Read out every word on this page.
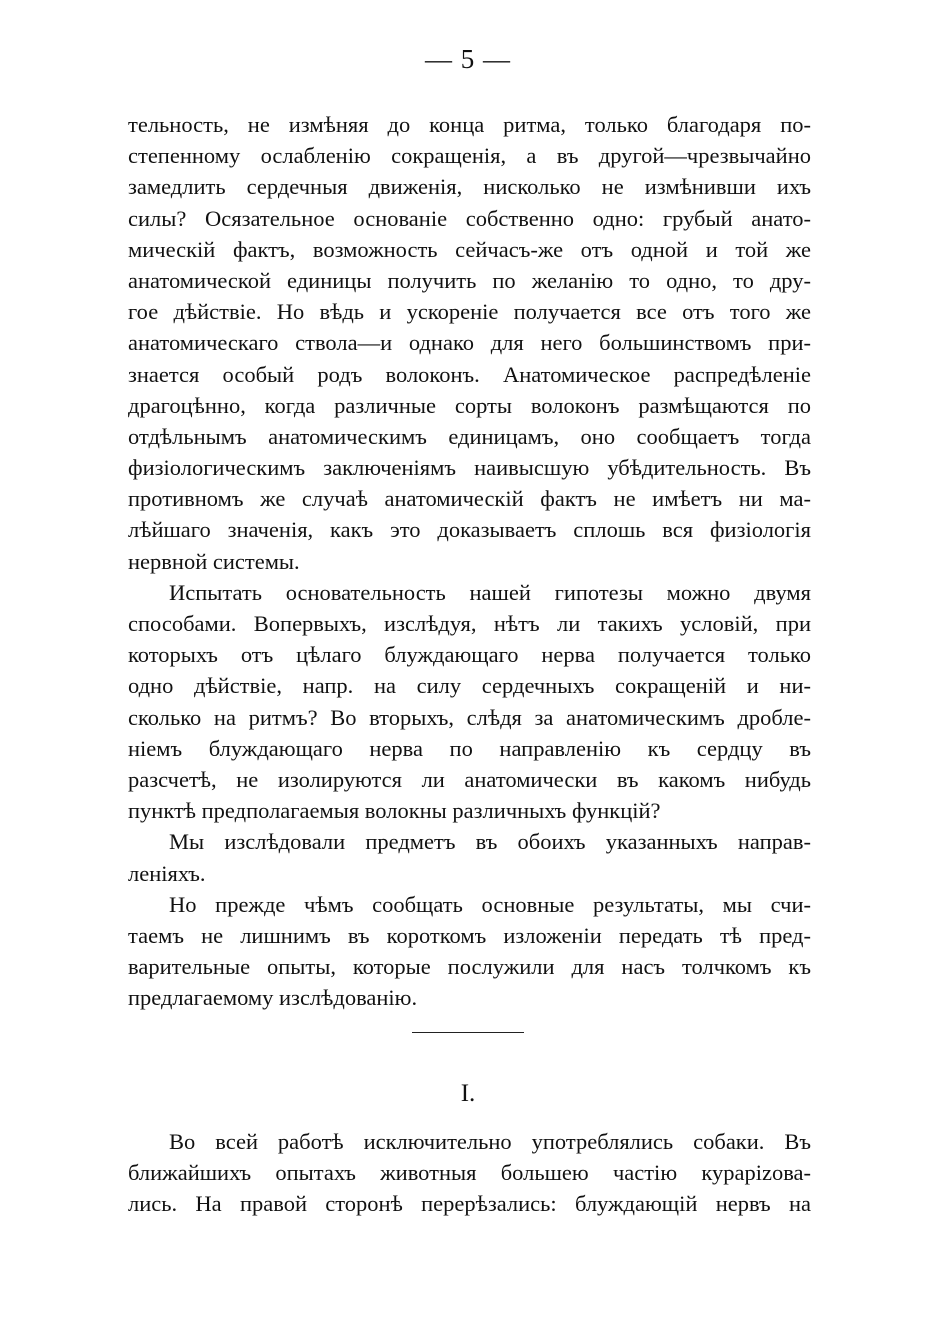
— 5 —
тельность, не измѣняя до конца ритма, только благодаря по-
степенному ослабленію сокращенія, а въ другой—чрезвычайно
замедлить сердечныя движенія, нисколько не измѣнивши ихъ
силы? Осязательное основаніе собственно одно: грубый анато-
мическій фактъ, возможность сейчасъ-же отъ одной и той же
анатомической единицы получить по желанію то одно, то дру-
гое дѣйствіе. Но вѣдь и ускореніе получается все отъ того же
анатомическаго ствола—и однако для него большинствомъ при-
знается особый родъ волоконъ. Анатомическое распредѣленіе
драгоцѣнно, когда различные сорты волоконъ размѣщаются по
отдѣльнымъ анатомическимъ единицамъ, оно сообщаетъ тогда
физіологическимъ заключеніямъ наивысшую убѣдительность. Въ
противномъ же случаѣ анатомическій фактъ не имѣетъ ни ма-
лѣйшаго значенія, какъ это доказываетъ сплошь вся физіологія
нервной системы.
Испытать основательность нашей гипотезы можно двумя
способами. Вопервыхъ, изслѣдуя, нѣтъ ли такихъ условій, при
которыхъ отъ цѣлаго блуждающаго нерва получается только
одно дѣйствіе, напр. на силу сердечныхъ сокращеній и ни-
сколько на ритмъ? Во вторыхъ, слѣдя за анатомическимъ дробле-
ніемъ блуждающаго нерва по направленію къ сердцу въ
разсчетѣ, не изолируются ли анатомически въ какомъ нибудь
пунктѣ предполагаемыя волокны различныхъ функцій?
Мы изслѣдовали предметъ въ обоихъ указанныхъ направ-
леніяхъ.
Но прежде чѣмъ сообщать основные результаты, мы счи-
таемъ не лишнимъ въ короткомъ изложеніи передать тѣ пред-
варительные опыты, которые послужили для насъ толчкомъ къ
предлагаемому изслѣдованію.
I.
Во всей работѣ исключительно употреблялись собаки. Въ
ближайшихъ опытахъ животныя большею частію курарizова-
лись. На правой сторонѣ перерѣзались: блуждающій нервъ на
